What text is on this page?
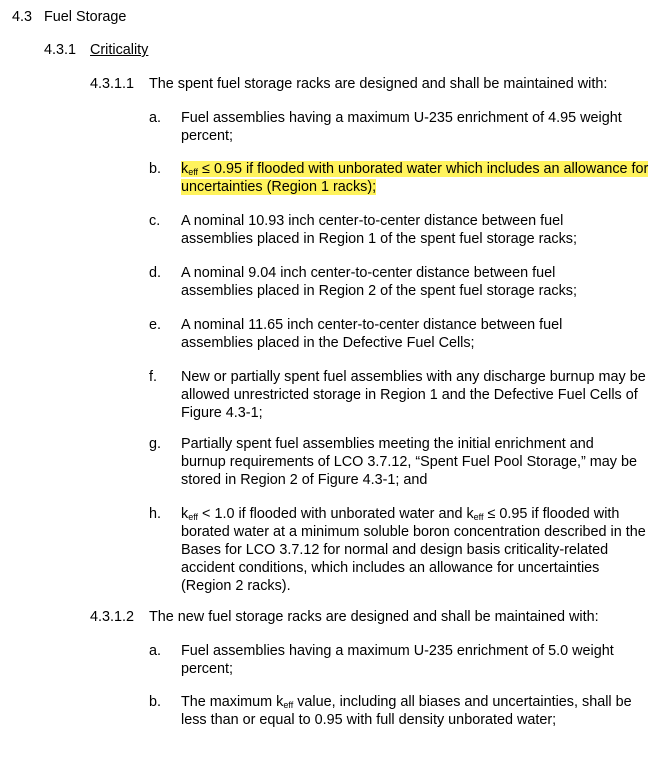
4.3 Fuel Storage
4.3.1 Criticality
4.3.1.1 The spent fuel storage racks are designed and shall be maintained with:
a. Fuel assemblies having a maximum U-235 enrichment of 4.95 weight percent;
b. $k_{eff} \le 0.95$ if flooded with unborated water which includes an allowance for uncertainties (Region 1 racks);
c. A nominal 10.93 inch center-to-center distance between fuel assemblies placed in Region 1 of the spent fuel storage racks;
d. A nominal 9.04 inch center-to-center distance between fuel assemblies placed in Region 2 of the spent fuel storage racks;
e. A nominal 11.65 inch center-to-center distance between fuel assemblies placed in the Defective Fuel Cells;
f. New or partially spent fuel assemblies with any discharge burnup may be allowed unrestricted storage in Region 1 and the Defective Fuel Cells of Figure 4.3-1;
g. Partially spent fuel assemblies meeting the initial enrichment and burnup requirements of LCO 3.7.12, “Spent Fuel Pool Storage,” may be stored in Region 2 of Figure 4.3-1; and
h. $k_{eff} < 1.0$ if flooded with unborated water and $k_{eff} \le 0.95$ if flooded with borated water at a minimum soluble boron concentration described in the Bases for LCO 3.7.12 for normal and design basis criticality-related accident conditions, which includes an allowance for uncertainties (Region 2 racks).
4.3.1.2 The new fuel storage racks are designed and shall be maintained with:
a. Fuel assemblies having a maximum U-235 enrichment of 5.0 weight percent;
b. The maximum $k_{eff}$ value, including all biases and uncertainties, shall be less than or equal to 0.95 with full density unborated water;
